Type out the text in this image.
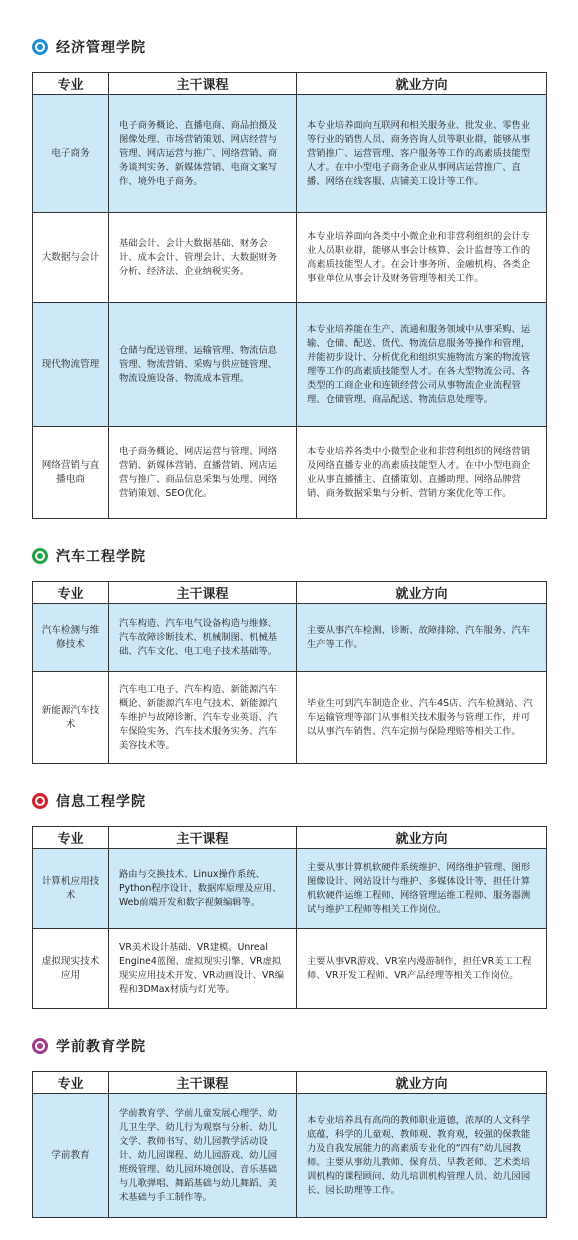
经济管理学院
专业	主干课程	就业方向
电子商务	电子商务概论、直播电商、商品拍摄及图像处理、市场营销策划、网店经营与管理、网店运营与推广、网络营销、商务谈判实务、新媒体营销、电商文案写作、境外电子商务。	本专业培养面向互联网和相关服务业、批发业、零售业等行业的销售人员、商务咨询人员等职业群，能够从事营销推广、运营管理、客户服务等工作的高素质技能型人才。在中小型电子商务企业从事网店运营推广、直播、网络在线客服、店铺美工设计等工作。
大数据与会计	基础会计、会计大数据基础、财务会计、成本会计、管理会计、大数据财务分析、经济法、企业纳税实务。	本专业培养面向各类中小微企业和非营利组织的会计专业人员职业群，能够从事会计核算、会计监督等工作的高素质技能型人才。在会计事务所、金融机构、各类企事业单位从事会计及财务管理等相关工作。
现代物流管理	仓储与配送管理、运输管理、物流信息管理、物流营销、采购与供应链管理、物流设施设备、物流成本管理。	本专业培养能在生产、流通和服务领域中从事采购、运输、仓储、配送、货代、物流信息服务等操作和管理，并能初步设计、分析优化和组织实施物流方案的物流管理等工作的高素质技能型人才。在各大型物流公司、各类型的工商企业和连锁经营公司从事物流企业流程管理、仓储管理、商品配送、物流信息处理等。
网络营销与直播电商	电子商务概论、网店运营与管理、网络营销、新媒体营销、直播营销、网店运营与推广、商品信息采集与处理、网络营销策划、SEO优化。	本专业培养各类中小微型企业和非营利组织的网络营销及网络直播专业的高素质技能型人才。在中小型电商企业从事直播播主、直播策划、直播助理、网络品牌营销、商务数据采集与分析、营销方案优化等工作。
汽车工程学院
专业	主干课程	就业方向
汽车检测与维修技术	汽车构造、汽车电气设备构造与维修、汽车故障诊断技术、机械制图、机械基础、汽车文化、电工电子技术基础等。	主要从事汽车检测、诊断、故障排除、汽车服务、汽车生产等工作。
新能源汽车技术	汽车电工电子、汽车构造、新能源汽车概论、新能源汽车电气技术、新能源汽车维护与故障诊断、汽车专业英语、汽车保险实务、汽车技术服务实务、汽车美容技术等。	毕业生可到汽车制造企业、汽车4S店、汽车检测站、汽车运输管理等部门从事相关技术服务与管理工作，并可以从事汽车销售、汽车定损与保险理赔等相关工作。
信息工程学院
专业	主干课程	就业方向
计算机应用技术	路由与交换技术、Linux操作系统、Python程序设计、数据库原理及应用、Web前端开发和数字视频编辑等。	主要从事计算机软硬件系统维护、网络维护管理、图形图像设计、网站设计与维护、多媒体设计等，担任计算机软硬件运维工程师、网络管理运维工程师、服务器测试与维护工程师等相关工作岗位。
虚拟现实技术应用	VR美术设计基础、VR建模、Unreal Engine4蓝图、虚拟现实引擎、VR虚拟现实应用技术开发、VR动画设计、VR编程和3DMax材质与灯光等。	主要从事VR游戏、VR室内漫游制作，担任VR美工工程师、VR开发工程师、VR产品经理等相关工作岗位。
学前教育学院
专业	主干课程	就业方向
学前教育	学前教育学、学前儿童发展心理学、幼儿卫生学、幼儿行为观察与分析、幼儿文学、教师书写、幼儿园教学活动设计、幼儿园课程、幼儿园游戏、幼儿园班级管理、幼儿园环境创设、音乐基础与儿歌弹唱、舞蹈基础与幼儿舞蹈、美术基础与手工制作等。	本专业培养具有高尚的教师职业道德，浓厚的人文科学底蕴，科学的儿童观、教师观、教育观，较强的保教能力及自我发展能力的高素质专业化的“四有”幼儿园教师。主要从事幼儿教师、保育员、早教老师、艺术类培训机构的课程顾问、幼儿培训机构管理人员、幼儿园园长、园长助理等工作。
